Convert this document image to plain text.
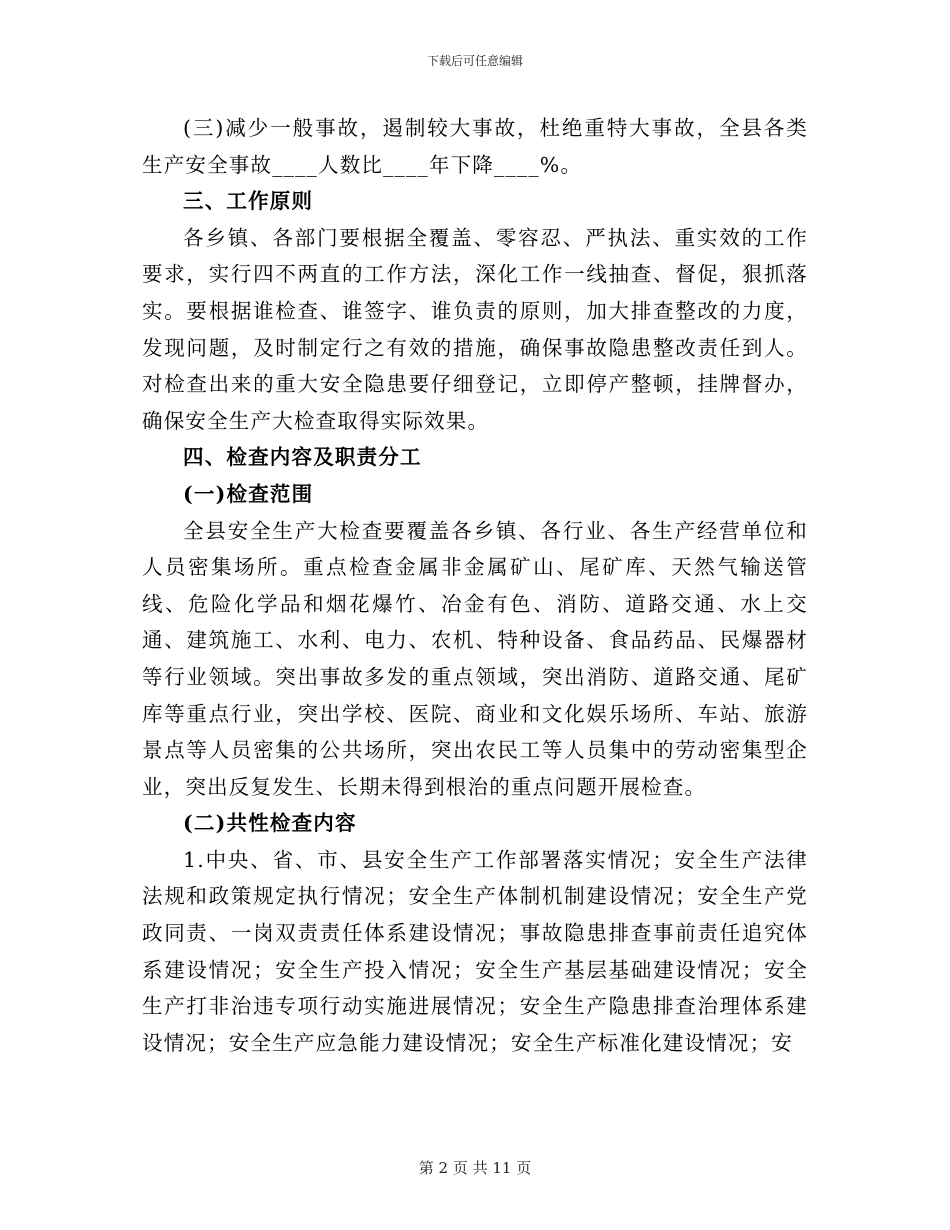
下载后可任意编辑

(三)减少一般事故，遏制较大事故，杜绝重特大事故，全县各类生产安全事故____人数比____年下降____%。

三、工作原则

各乡镇、各部门要根据全覆盖、零容忍、严执法、重实效的工作要求，实行四不两直的工作方法，深化工作一线抽查、督促，狠抓落实。要根据谁检查、谁签字、谁负责的原则，加大排查整改的力度，发现问题，及时制定行之有效的措施，确保事故隐患整改责任到人。对检查出来的重大安全隐患要仔细登记，立即停产整顿，挂牌督办，确保安全生产大检查取得实际效果。

四、检查内容及职责分工

(一)检查范围

全县安全生产大检查要覆盖各乡镇、各行业、各生产经营单位和人员密集场所。重点检查金属非金属矿山、尾矿库、天然气输送管线、危险化学品和烟花爆竹、冶金有色、消防、道路交通、水上交通、建筑施工、水利、电力、农机、特种设备、食品药品、民爆器材等行业领域。突出事故多发的重点领域，突出消防、道路交通、尾矿库等重点行业，突出学校、医院、商业和文化娱乐场所、车站、旅游景点等人员密集的公共场所，突出农民工等人员集中的劳动密集型企业，突出反复发生、长期未得到根治的重点问题开展检查。

(二)共性检查内容

1.中央、省、市、县安全生产工作部署落实情况；安全生产法律法规和政策规定执行情况；安全生产体制机制建设情况；安全生产党政同责、一岗双责责任体系建设情况；事故隐患排查事前责任追究体系建设情况；安全生产投入情况；安全生产基层基础建设情况；安全生产打非治违专项行动实施进展情况；安全生产隐患排查治理体系建设情况；安全生产应急能力建设情况；安全生产标准化建设情况；安

第 2 页 共 11 页
